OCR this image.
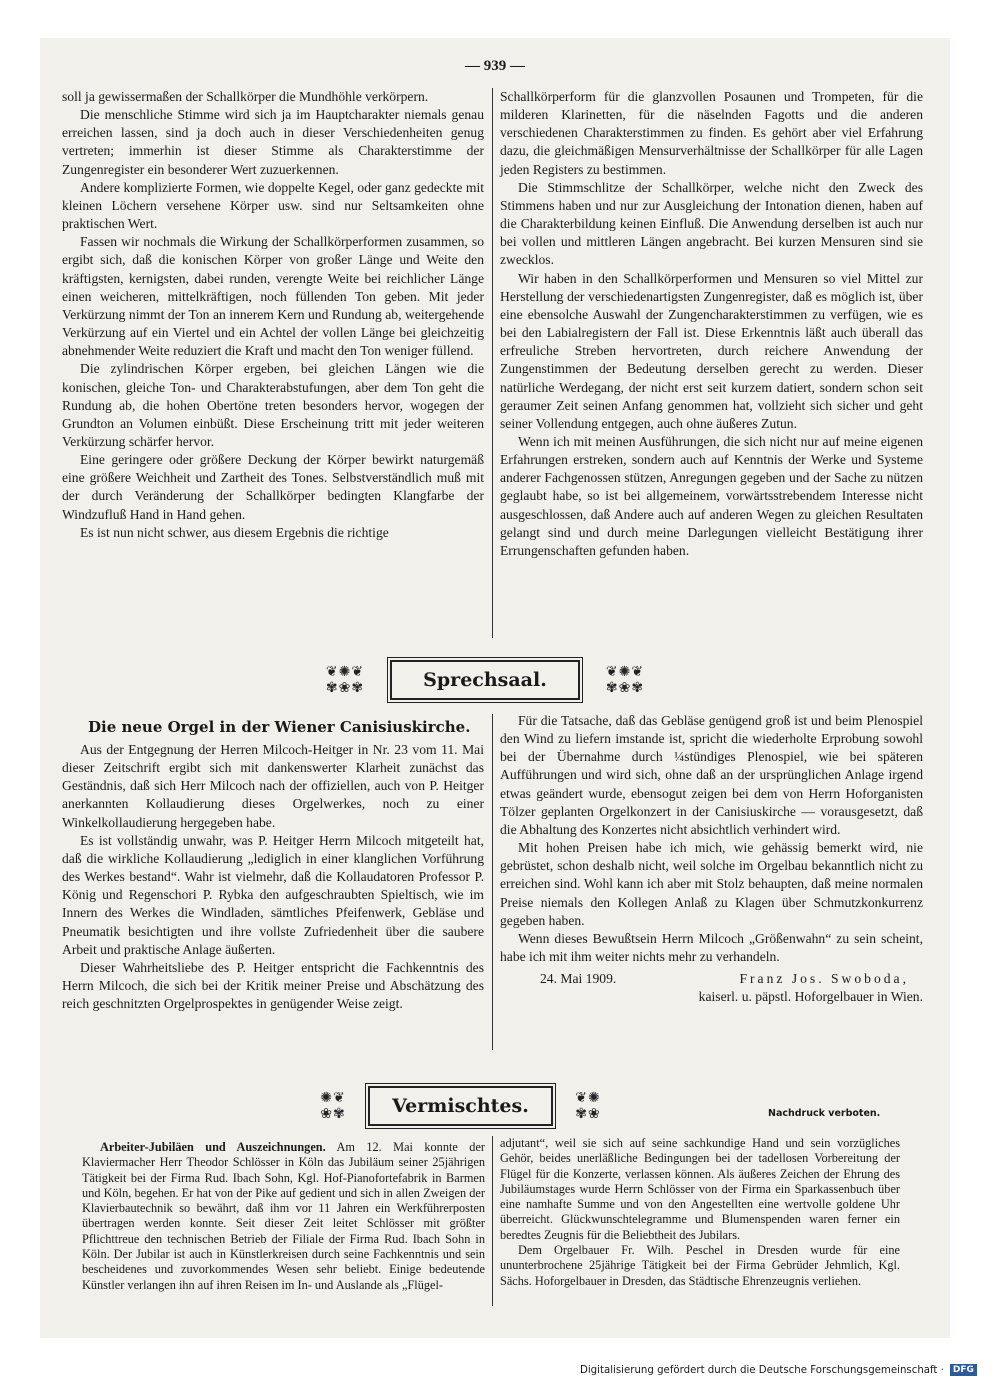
— 939 —

soll ja gewissermaßen der Schallkörper die Mundhöhle verkörpern.

Die menschliche Stimme wird sich ja im Hauptcharakter niemals genau erreichen lassen, sind ja doch auch in dieser Verschiedenheiten genug vertreten; immerhin ist dieser Stimme als Charakterstimme der Zungenregister ein besonderer Wert zuzuerkennen.

Andere komplizierte Formen, wie doppelte Kegel, oder ganz gedeckte mit kleinen Löchern versehene Körper usw. sind nur Seltsamkeiten ohne praktischen Wert.

Fassen wir nochmals die Wirkung der Schallkörperformen zusammen, so ergibt sich, daß die konischen Körper von großer Länge und Weite den kräftigsten, kernigsten, dabei runden, verengte Weite bei reichlicher Länge einen weicheren, mittelkräftigen, noch füllenden Ton geben. Mit jeder Verkürzung nimmt der Ton an innerem Kern und Rundung ab, weitergehende Verkürzung auf ein Viertel und ein Achtel der vollen Länge bei gleichzeitig abnehmender Weite reduziert die Kraft und macht den Ton weniger füllend.

Die zylindrischen Körper ergeben, bei gleichen Längen wie die konischen, gleiche Ton- und Charakterabstufungen, aber dem Ton geht die Rundung ab, die hohen Obertöne treten besonders hervor, wogegen der Grundton an Volumen einbüßt. Diese Erscheinung tritt mit jeder weiteren Verkürzung schärfer hervor.

Eine geringere oder größere Deckung der Körper bewirkt naturgemäß eine größere Weichheit und Zartheit des Tones. Selbstverständlich muß mit der durch Veränderung der Schallkörper bedingten Klangfarbe der Windzufluß Hand in Hand gehen.

Es ist nun nicht schwer, aus diesem Ergebnis die richtige

Schallkörperform für die glanzvollen Posaunen und Trompeten, für die milderen Klarinetten, für die näselnden Fagotts und die anderen verschiedenen Charakterstimmen zu finden. Es gehört aber viel Erfahrung dazu, die gleichmäßigen Mensurverhältnisse der Schallkörper für alle Lagen jeden Registers zu bestimmen.

Die Stimmschlitze der Schallkörper, welche nicht den Zweck des Stimmens haben und nur zur Ausgleichung der Intonation dienen, haben auf die Charakterbildung keinen Einfluß. Die Anwendung derselben ist auch nur bei vollen und mittleren Längen angebracht. Bei kurzen Mensuren sind sie zwecklos.

Wir haben in den Schallkörperformen und Mensuren so viel Mittel zur Herstellung der verschiedenartigsten Zungenregister, daß es möglich ist, über eine ebensolche Auswahl der Zungencharakterstimmen zu verfügen, wie es bei den Labialregistern der Fall ist. Diese Erkenntnis läßt auch überall das erfreuliche Streben hervortreten, durch reichere Anwendung der Zungenstimmen der Bedeutung derselben gerecht zu werden. Dieser natürliche Werdegang, der nicht erst seit kurzem datiert, sondern schon seit geraumer Zeit seinen Anfang genommen hat, vollzieht sich sicher und geht seiner Vollendung entgegen, auch ohne äußeres Zutun.

Wenn ich mit meinen Ausführungen, die sich nicht nur auf meine eigenen Erfahrungen erstreken, sondern auch auf Kenntnis der Werke und Systeme anderer Fachgenossen stützen, Anregungen gegeben und der Sache zu nützen geglaubt habe, so ist bei allgemeinem, vorwärtsstrebendem Interesse nicht ausgeschlossen, daß Andere auch auf anderen Wegen zu gleichen Resultaten gelangt sind und durch meine Darlegungen vielleicht Bestätigung ihrer Errungenschaften gefunden haben.

❦✺❦
✾❀✾	Sprechsaal.	❦✺❦
✾❀✾
Die neue Orgel in der Wiener Canisiuskirche.

Aus der Entgegnung der Herren Milcoch-Heitger in Nr. 23 vom 11. Mai dieser Zeitschrift ergibt sich mit dankenswerter Klarheit zunächst das Geständnis, daß sich Herr Milcoch nach der offiziellen, auch von P. Heitger anerkannten Kollaudierung dieses Orgelwerkes, noch zu einer Winkelkollaudierung hergegeben habe.

Es ist vollständig unwahr, was P. Heitger Herrn Milcoch mitgeteilt hat, daß die wirkliche Kollaudierung „lediglich in einer klanglichen Vorführung des Werkes bestand“. Wahr ist vielmehr, daß die Kollaudatoren Professor P. König und Regenschori P. Rybka den aufgeschraubten Spieltisch, wie im Innern des Werkes die Windladen, sämtliches Pfeifenwerk, Gebläse und Pneumatik besichtigten und ihre vollste Zufriedenheit über die saubere Arbeit und praktische Anlage äußerten.

Dieser Wahrheitsliebe des P. Heitger entspricht die Fachkenntnis des Herrn Milcoch, die sich bei der Kritik meiner Preise und Abschätzung des reich geschnitzten Orgelprospektes in genügender Weise zeigt.

Für die Tatsache, daß das Gebläse genügend groß ist und beim Plenospiel den Wind zu liefern imstande ist, spricht die wiederholte Erprobung sowohl bei der Übernahme durch ¼stündiges Plenospiel, wie bei späteren Aufführungen und wird sich, ohne daß an der ursprünglichen Anlage irgend etwas geändert wurde, ebensogut zeigen bei dem von Herrn Hoforganisten Tölzer geplanten Orgelkonzert in der Canisiuskirche — vorausgesetzt, daß die Abhaltung des Konzertes nicht absichtlich verhindert wird.

Mit hohen Preisen habe ich mich, wie gehässig bemerkt wird, nie gebrüstet, schon deshalb nicht, weil solche im Orgelbau bekanntlich nicht zu erreichen sind. Wohl kann ich aber mit Stolz behaupten, daß meine normalen Preise niemals den Kollegen Anlaß zu Klagen über Schmutzkonkurrenz gegeben haben.

Wenn dieses Bewußtsein Herrn Milcoch „Größenwahn“ zu sein scheint, habe ich mit ihm weiter nichts mehr zu verhandeln.

24. Mai 1909.	Franz Jos. Swoboda,

kaiserl. u. päpstl. Hoforgelbauer in Wien.

✺❦
❀✾	Vermischtes.	❦✺
✾❀	Nachdruck verboten.

Arbeiter-Jubiläen und Auszeichnungen. Am 12. Mai konnte der Klaviermacher Herr Theodor Schlösser in Köln das Jubiläum seiner 25jährigen Tätigkeit bei der Firma Rud. Ibach Sohn, Kgl. Hof-Pianofortefabrik in Barmen und Köln, begehen. Er hat von der Pike auf gedient und sich in allen Zweigen der Klavierbautechnik so bewährt, daß ihm vor 11 Jahren ein Werkführerposten übertragen werden konnte. Seit dieser Zeit leitet Schlösser mit größter Pflichttreue den technischen Betrieb der Filiale der Firma Rud. Ibach Sohn in Köln. Der Jubilar ist auch in Künstlerkreisen durch seine Fachkenntnis und sein bescheidenes und zuvorkommendes Wesen sehr beliebt. Einige bedeutende Künstler verlangen ihn auf ihren Reisen im In- und Auslande als „Flügel-

adjutant“, weil sie sich auf seine sachkundige Hand und sein vorzügliches Gehör, beides unerläßliche Bedingungen bei der tadellosen Vorbereitung der Flügel für die Konzerte, verlassen können. Als äußeres Zeichen der Ehrung des Jubiläumstages wurde Herrn Schlösser von der Firma ein Sparkassenbuch über eine namhafte Summe und von den Angestellten eine wertvolle goldene Uhr überreicht. Glückwunschtelegramme und Blumenspenden waren ferner ein beredtes Zeugnis für die Beliebtheit des Jubilars.

Dem Orgelbauer Fr. Wilh. Peschel in Dresden wurde für eine ununterbrochene 25jährige Tätigkeit bei der Firma Gebrüder Jehmlich, Kgl. Sächs. Hoforgelbauer in Dresden, das Städtische Ehrenzeugnis verliehen.

Digitalisierung gefördert durch die Deutsche Forschungsgemeinschaft ·	DFG
